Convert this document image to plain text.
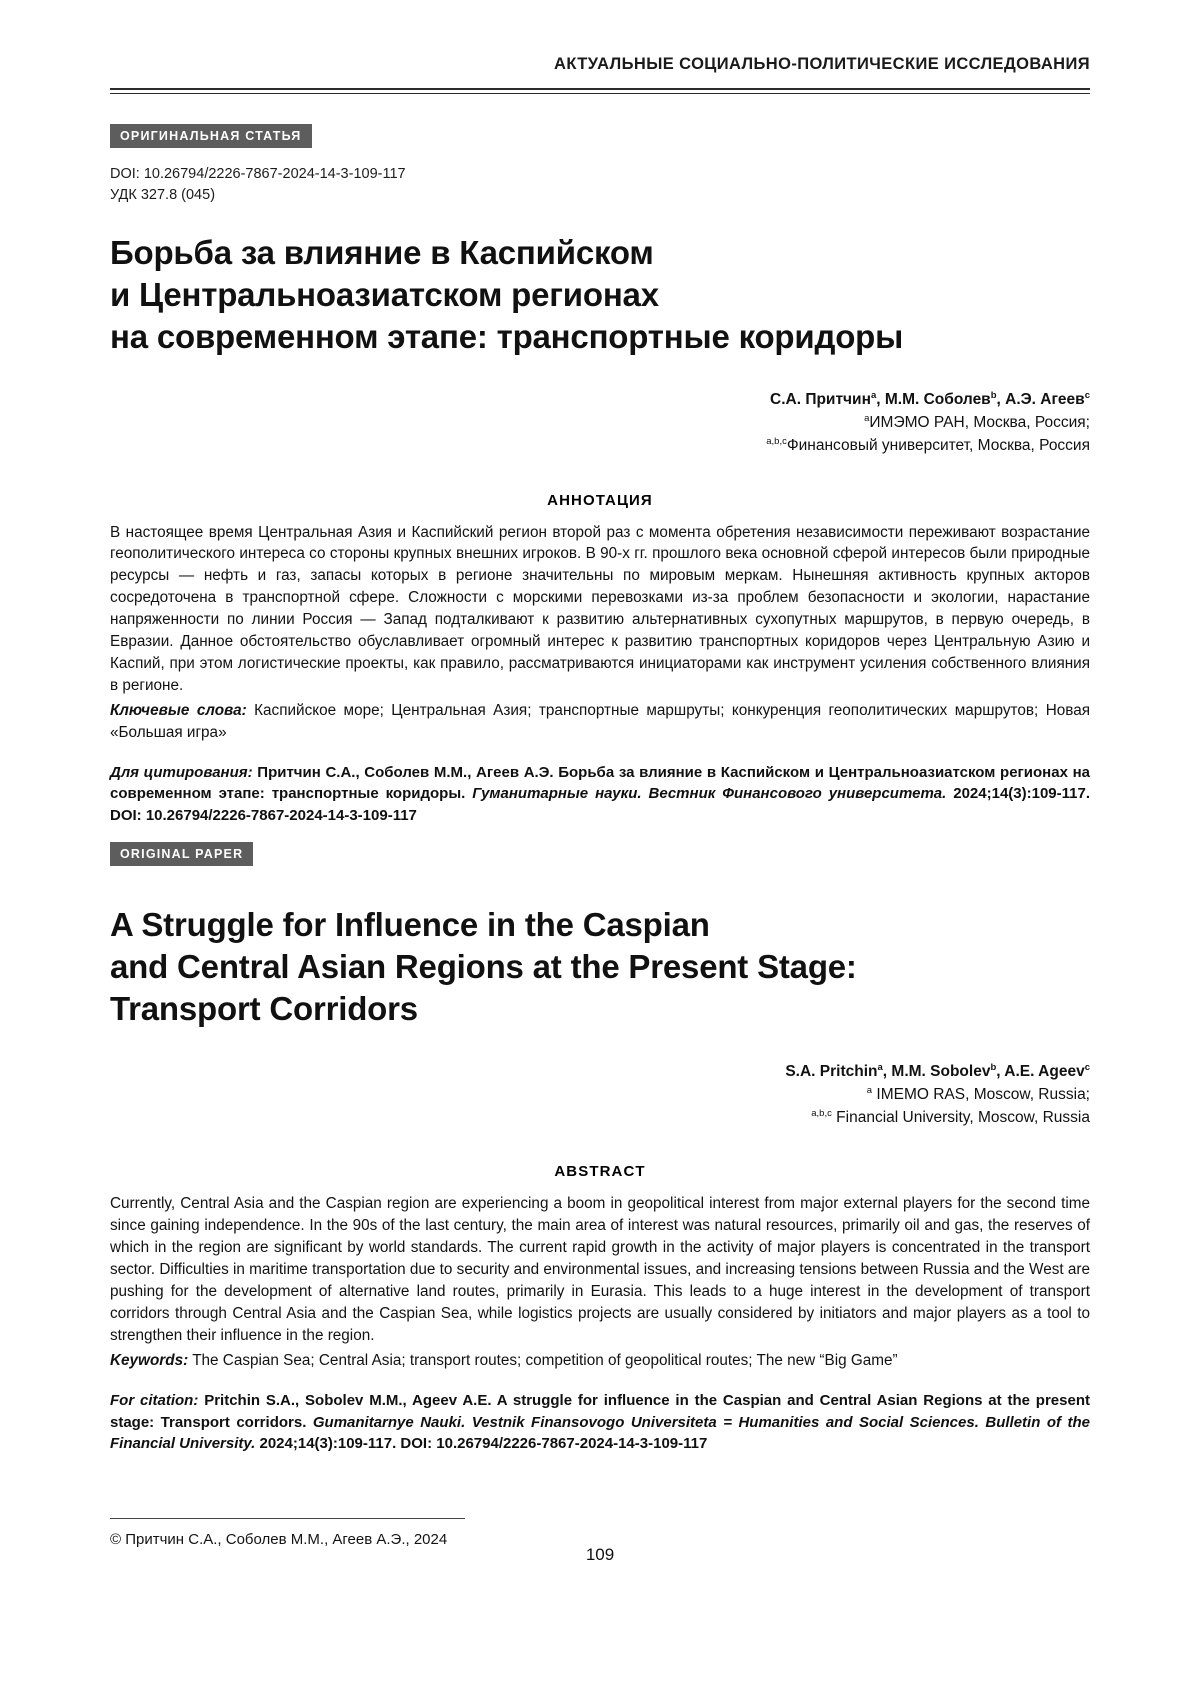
АКТУАЛЬНЫЕ СОЦИАЛЬНО-ПОЛИТИЧЕСКИЕ ИССЛЕДОВАНИЯ
ОРИГИНАЛЬНАЯ СТАТЬЯ
DOI: 10.26794/2226-7867-2024-14-3-109-117
УДК 327.8 (045)
Борьба за влияние в Каспийском
и Центральноазиатском регионах
на современном этапе: транспортные коридоры
С.А. Притчин$^a$, М.М. Соболев$^b$, А.Э. Агеев$^c$
$^a$ИМЭМО РАН, Москва, Россия;
$^{a,b,c}$Финансовый университет, Москва, Россия
АННОТАЦИЯ
В настоящее время Центральная Азия и Каспийский регион второй раз с момента обретения независимости переживают возрастание геополитического интереса со стороны крупных внешних игроков. В 90-х гг. прошлого века основной сферой интересов были природные ресурсы — нефть и газ, запасы которых в регионе значительны по мировым меркам. Нынешняя активность крупных акторов сосредоточена в транспортной сфере. Сложности с морскими перевозками из-за проблем безопасности и экологии, нарастание напряженности по линии Россия — Запад подталкивают к развитию альтернативных сухопутных маршрутов, в первую очередь, в Евразии. Данное обстоятельство обуславливает огромный интерес к развитию транспортных коридоров через Центральную Азию и Каспий, при этом логистические проекты, как правило, рассматриваются инициаторами как инструмент усиления собственного влияния в регионе.
Ключевые слова: Каспийское море; Центральная Азия; транспортные маршруты; конкуренция геополитических маршрутов; Новая «Большая игра»
Для цитирования: Притчин С.А., Соболев М.М., Агеев А.Э. Борьба за влияние в Каспийском и Центральноазиатском регионах на современном этапе: транспортные коридоры. Гуманитарные науки. Вестник Финансового университета. 2024;14(3):109-117. DOI: 10.26794/2226-7867-2024-14-3-109-117
ORIGINAL PAPER
A Struggle for Influence in the Caspian
and Central Asian Regions at the Present Stage:
Transport Corridors
S.A. Pritchin$^a$, M.M. Sobolev$^b$, A.E. Ageev$^c$
$^a$ IMEMO RAS, Moscow, Russia;
$^{a,b,c}$ Financial University, Moscow, Russia
ABSTRACT
Currently, Central Asia and the Caspian region are experiencing a boom in geopolitical interest from major external players for the second time since gaining independence. In the 90s of the last century, the main area of interest was natural resources, primarily oil and gas, the reserves of which in the region are significant by world standards. The current rapid growth in the activity of major players is concentrated in the transport sector. Difficulties in maritime transportation due to security and environmental issues, and increasing tensions between Russia and the West are pushing for the development of alternative land routes, primarily in Eurasia. This leads to a huge interest in the development of transport corridors through Central Asia and the Caspian Sea, while logistics projects are usually considered by initiators and major players as a tool to strengthen their influence in the region.
Keywords: The Caspian Sea; Central Asia; transport routes; competition of geopolitical routes; The new “Big Game”
For citation: Pritchin S.A., Sobolev M.M., Ageev A.E. A struggle for influence in the Caspian and Central Asian Regions at the present stage: Transport corridors. Gumanitarnye Nauki. Vestnik Finansovogo Universiteta = Humanities and Social Sciences. Bulletin of the Financial University. 2024;14(3):109-117. DOI: 10.26794/2226-7867-2024-14-3-109-117
© Притчин С.А., Соболев М.М., Агеев А.Э., 2024
109
